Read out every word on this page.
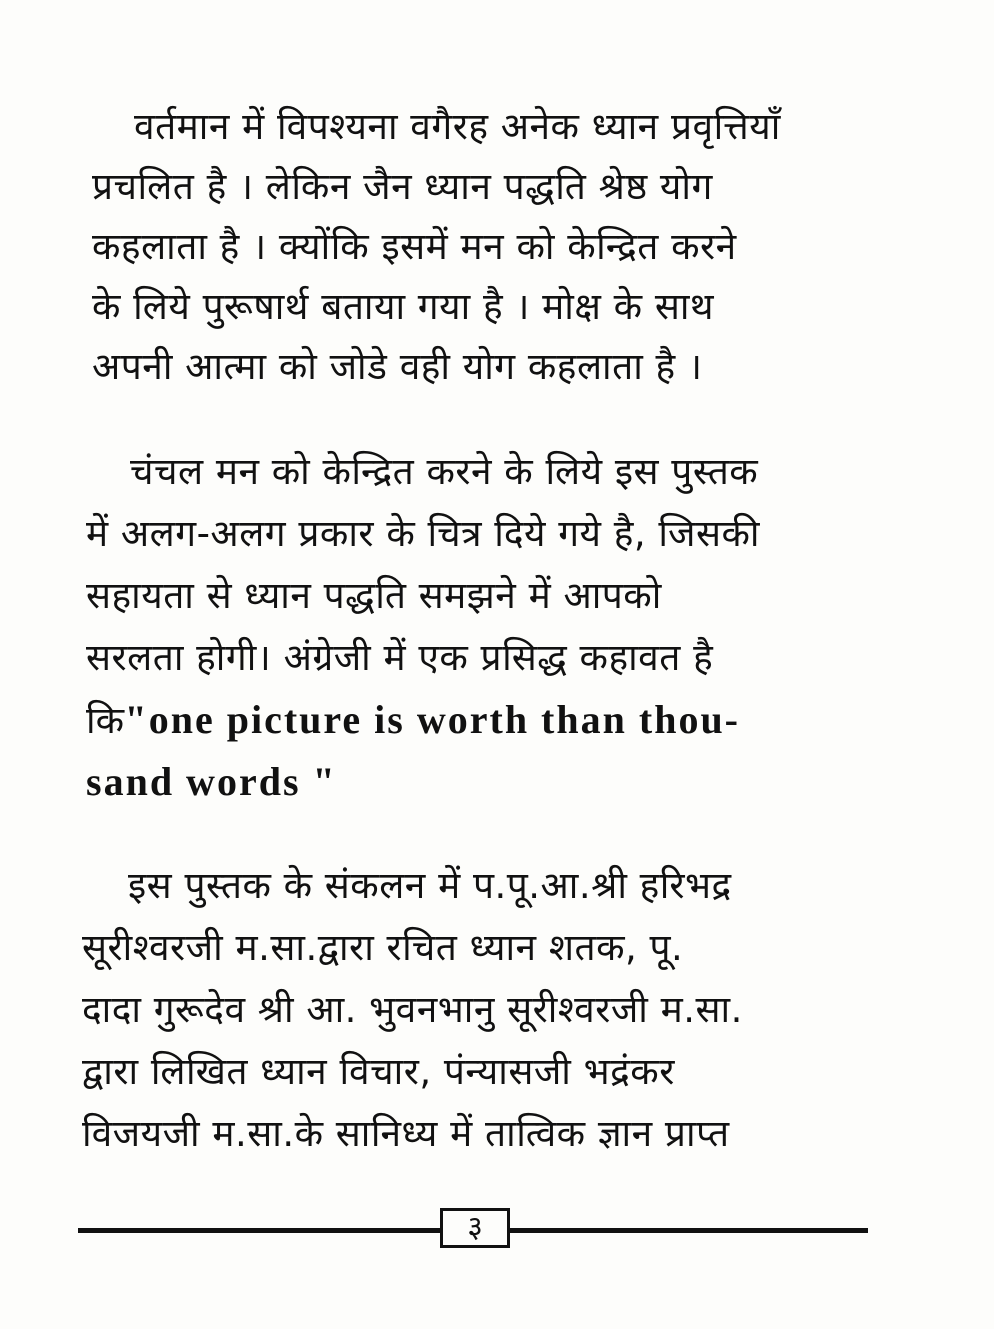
वर्तमान में विपश्यना वगैरह अनेक ध्यान प्रवृत्तियाँ
प्रचलित है । लेकिन जैन ध्यान पद्धति श्रेष्ठ योग
कहलाता है । क्योंकि इसमें मन को केन्द्रित करने
के लिये पुरूषार्थ बताया गया है । मोक्ष के साथ
अपनी आत्मा को जोडे वही योग कहलाता है ।
चंचल मन को केन्द्रित करने के लिये इस पुस्तक
में अलग-अलग प्रकार के चित्र दिये गये है, जिसकी
सहायता से ध्यान पद्धति समझने में आपको
सरलता होगी। अंग्रेजी में एक प्रसिद्ध कहावत है
कि"one picture is worth than thou-
sand words "
इस पुस्तक के संकलन में प.पू.आ.श्री हरिभद्र
सूरीश्वरजी म.सा.द्वारा रचित ध्यान शतक, पू.
दादा गुरूदेव श्री आ. भुवनभानु सूरीश्वरजी म.सा.
द्वारा लिखित ध्यान विचार, पंन्यासजी भद्रंकर
विजयजी म.सा.के सानिध्य में तात्विक ज्ञान प्राप्त
३
